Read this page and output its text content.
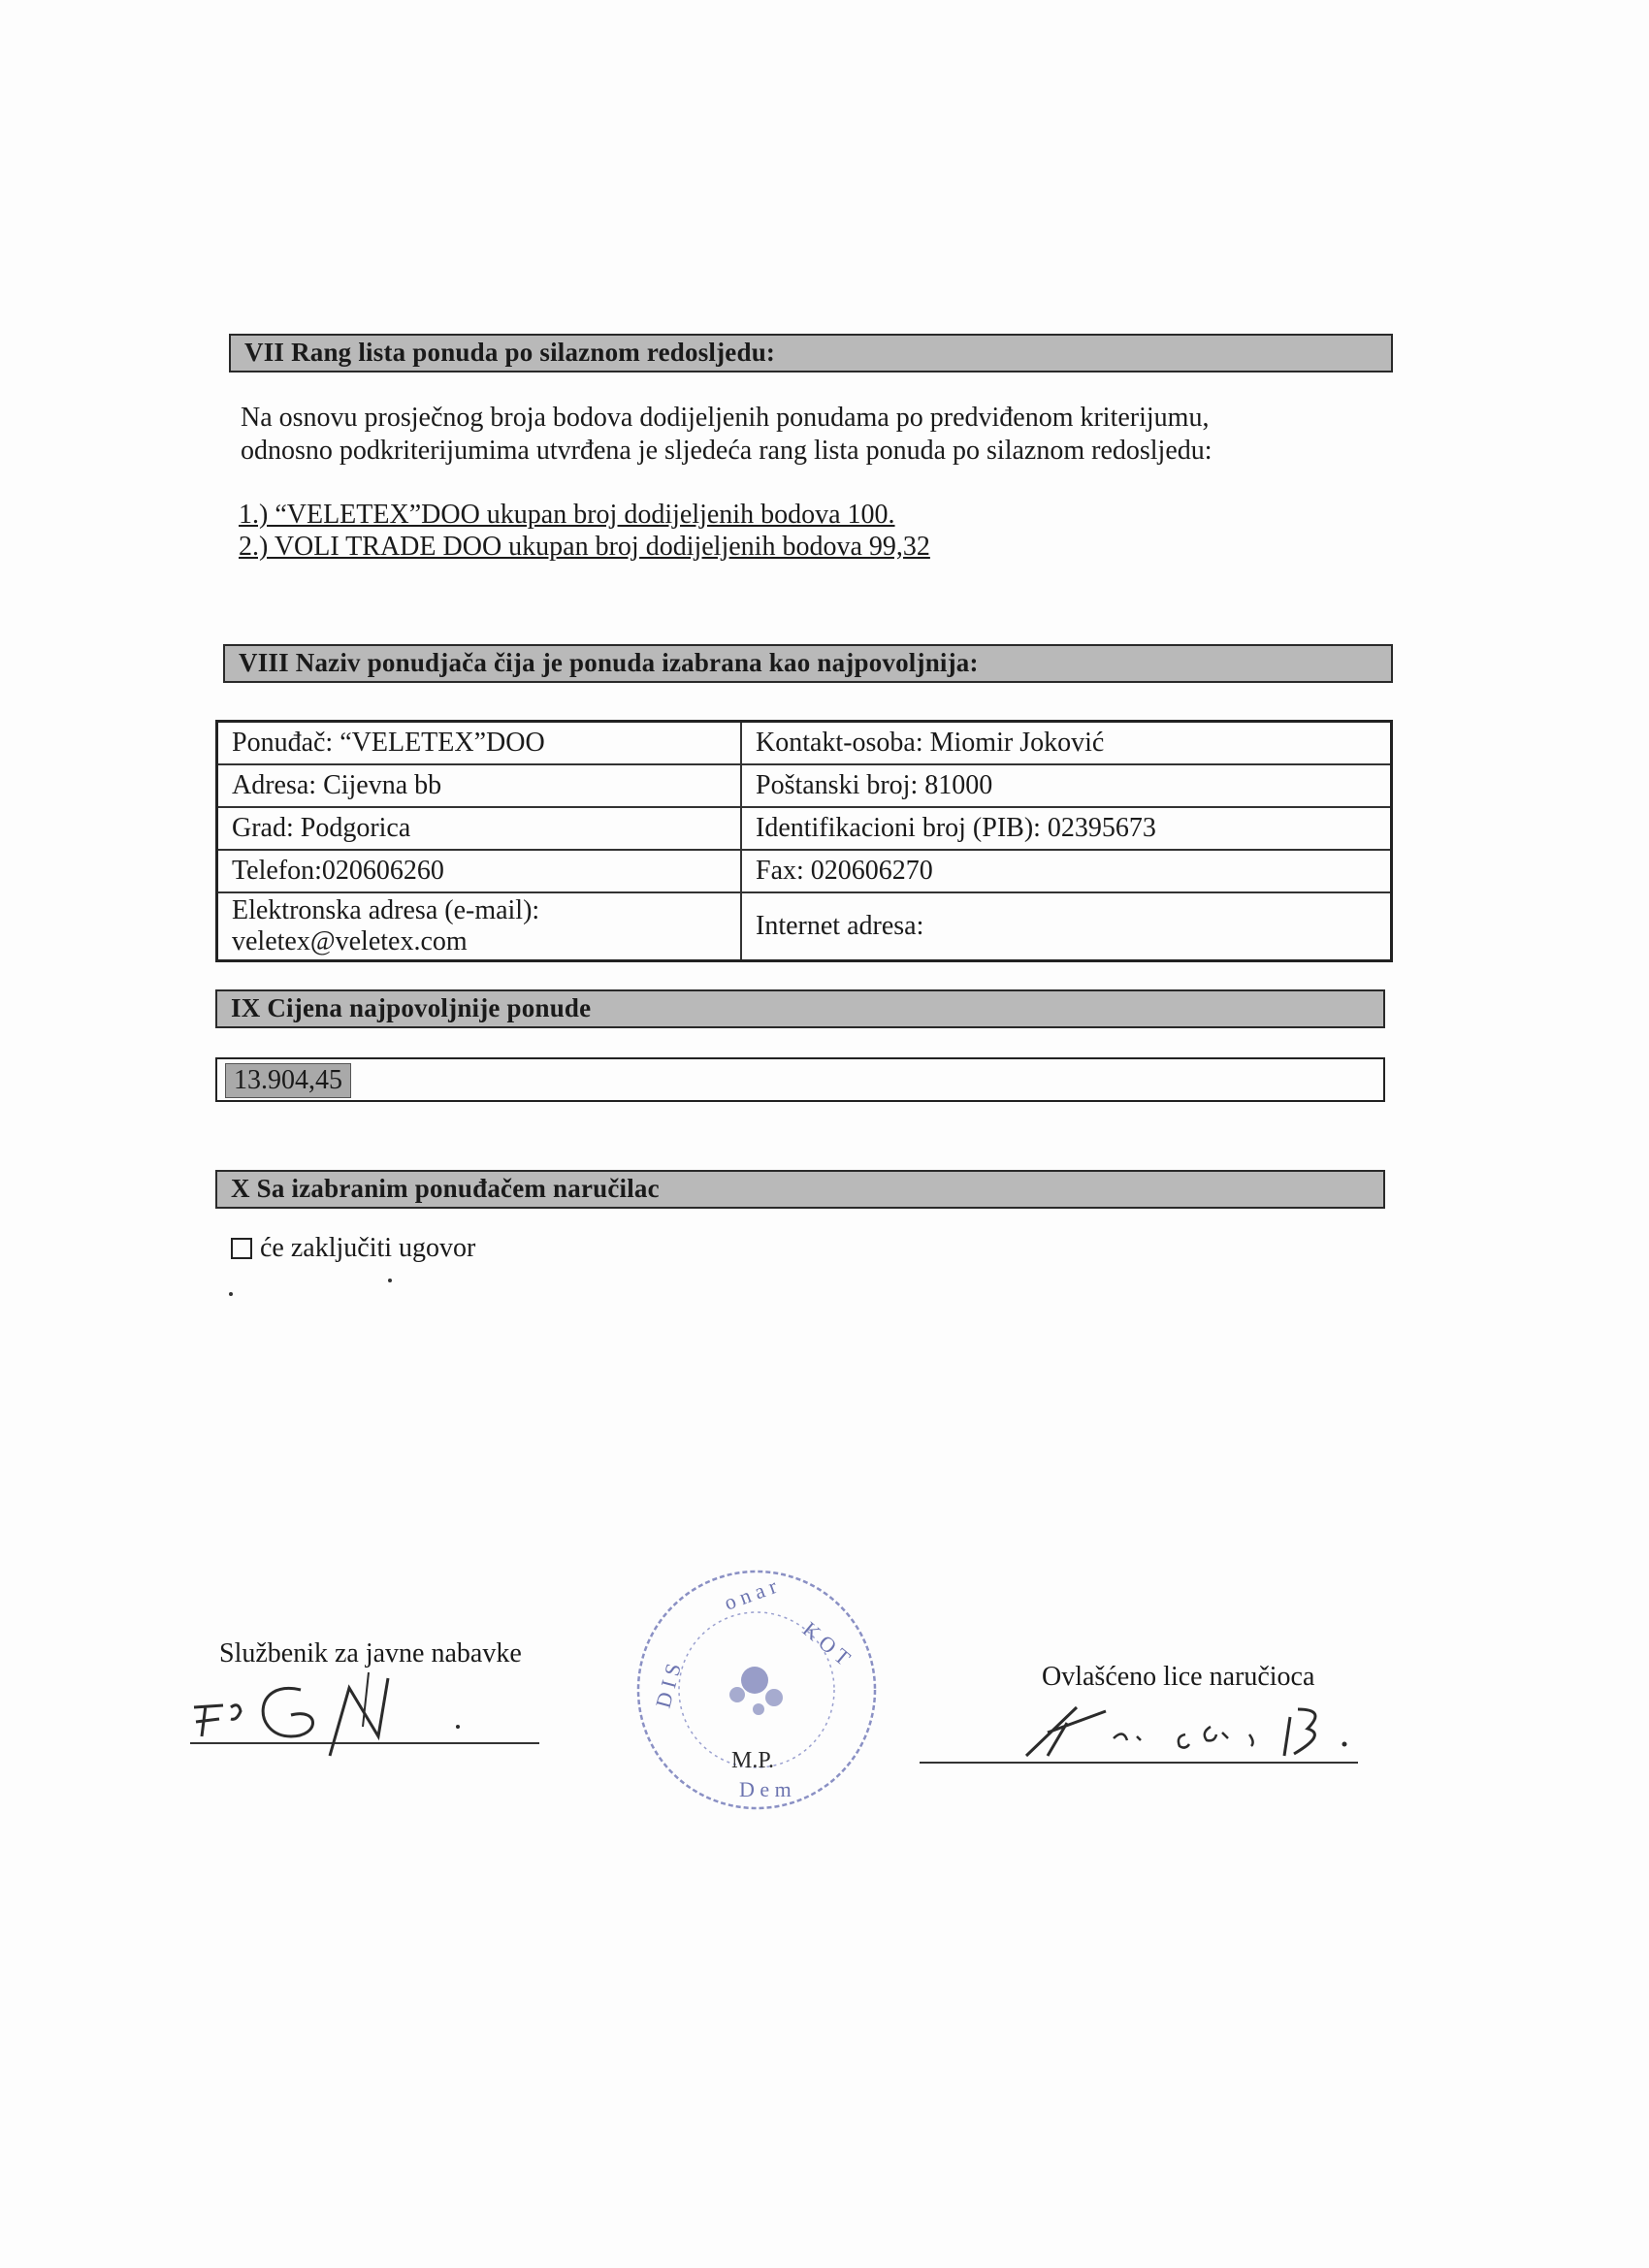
VII Rang lista ponuda po silaznom redosljedu:
Na osnovu prosječnog broja bodova dodijeljenih ponudama po predviđenom kriterijumu,
odnosno podkriterijumima utvrđena je sljedeća rang lista ponuda po silaznom redosljedu:
1.) “VELETEX”DOO ukupan broj dodijeljenih bodova 100.
2.) VOLI TRADE DOO ukupan broj dodijeljenih bodova 99,32
VIII Naziv ponudjača čija je ponuda izabrana kao najpovoljnija:
Ponuđač: “VELETEX”DOO	Kontakt-osoba: Miomir Joković
Adresa: Cijevna bb	Poštanski broj: 81000
Grad: Podgorica	Identifikacioni broj (PIB): 02395673
Telefon:020606260	Fax: 020606270

Elektronska adresa (e-mail):
veletex@veletex.com	Internet adresa:
IX Cijena najpovoljnije ponude
13.904,45
X Sa izabranim ponuđačem naručilac
će zaključiti ugovor
Službenik za javne nabavke
o n a r
K O T
D I S
D e m
M.P.
Ovlašćeno lice naručioca
